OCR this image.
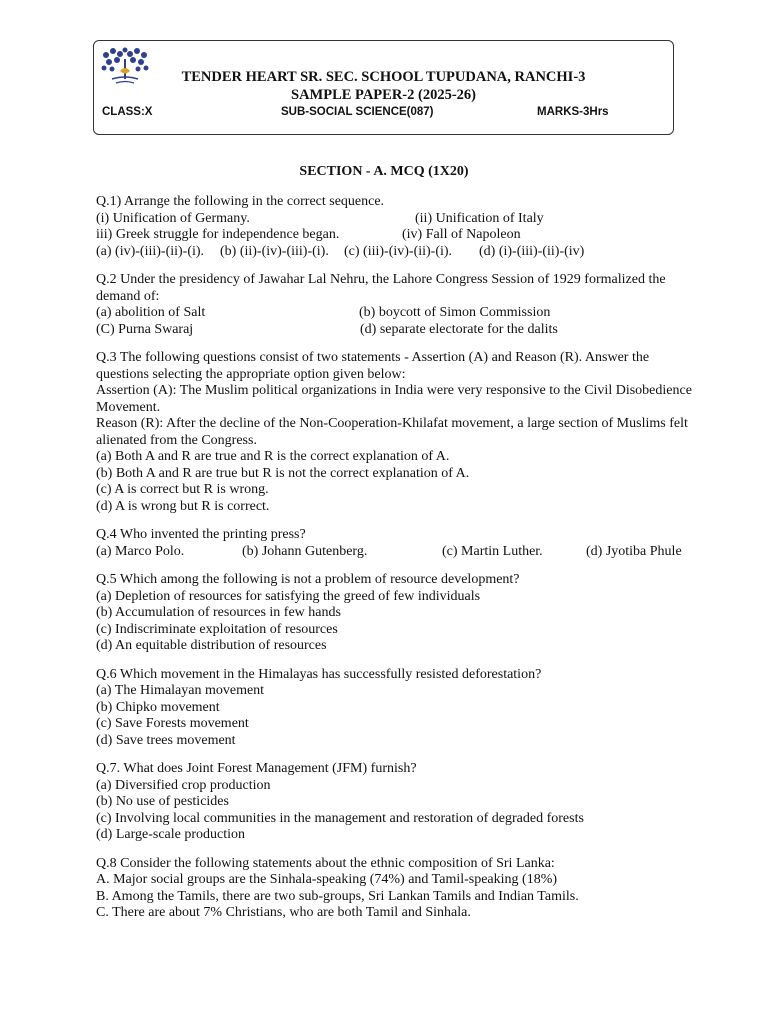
TENDER HEART SR. SEC. SCHOOL TUPUDANA, RANCHI-3
SAMPLE PAPER-2 (2025-26)
CLASS:X	SUB-SOCIAL SCIENCE(087)	MARKS-3Hrs
SECTION - A. MCQ (1X20)
Q.1) Arrange the following in the correct sequence.
(i) Unification of Germany.	(ii) Unification of Italy
iii) Greek struggle for independence began.	(iv) Fall of Napoleon
(a) (iv)-(iii)-(ii)-(i). (b) (ii)-(iv)-(iii)-(i). (c) (iii)-(iv)-(ii)-(i). (d) (i)-(iii)-(ii)-(iv)
Q.2 Under the presidency of Jawahar Lal Nehru, the Lahore Congress Session of 1929 formalized the demand of:
(a) abolition of Salt	(b) boycott of Simon Commission
(C) Purna Swaraj	(d) separate electorate for the dalits
Q.3 The following questions consist of two statements - Assertion (A) and Reason (R). Answer the questions selecting the appropriate option given below:
Assertion (A): The Muslim political organizations in India were very responsive to the Civil Disobedience Movement.
Reason (R): After the decline of the Non-Cooperation-Khilafat movement, a large section of Muslims felt alienated from the Congress.
(a) Both A and R are true and R is the correct explanation of A.
(b) Both A and R are true but R is not the correct explanation of A.
(c) A is correct but R is wrong.
(d) A is wrong but R is correct.
Q.4 Who invented the printing press?
(a) Marco Polo.	(b) Johann Gutenberg.	(c) Martin Luther.	(d) Jyotiba Phule
Q.5 Which among the following is not a problem of resource development?
(a) Depletion of resources for satisfying the greed of few individuals
(b) Accumulation of resources in few hands
(c) Indiscriminate exploitation of resources
(d) An equitable distribution of resources
Q.6 Which movement in the Himalayas has successfully resisted deforestation?
(a) The Himalayan movement
(b) Chipko movement
(c) Save Forests movement
(d) Save trees movement
Q.7. What does Joint Forest Management (JFM) furnish?
(a) Diversified crop production
(b) No use of pesticides
(c) Involving local communities in the management and restoration of degraded forests
(d) Large-scale production
Q.8 Consider the following statements about the ethnic composition of Sri Lanka:
A. Major social groups are the Sinhala-speaking (74%) and Tamil-speaking (18%)
B. Among the Tamils, there are two sub-groups, Sri Lankan Tamils and Indian Tamils.
C. There are about 7% Christians, who are both Tamil and Sinhala.
